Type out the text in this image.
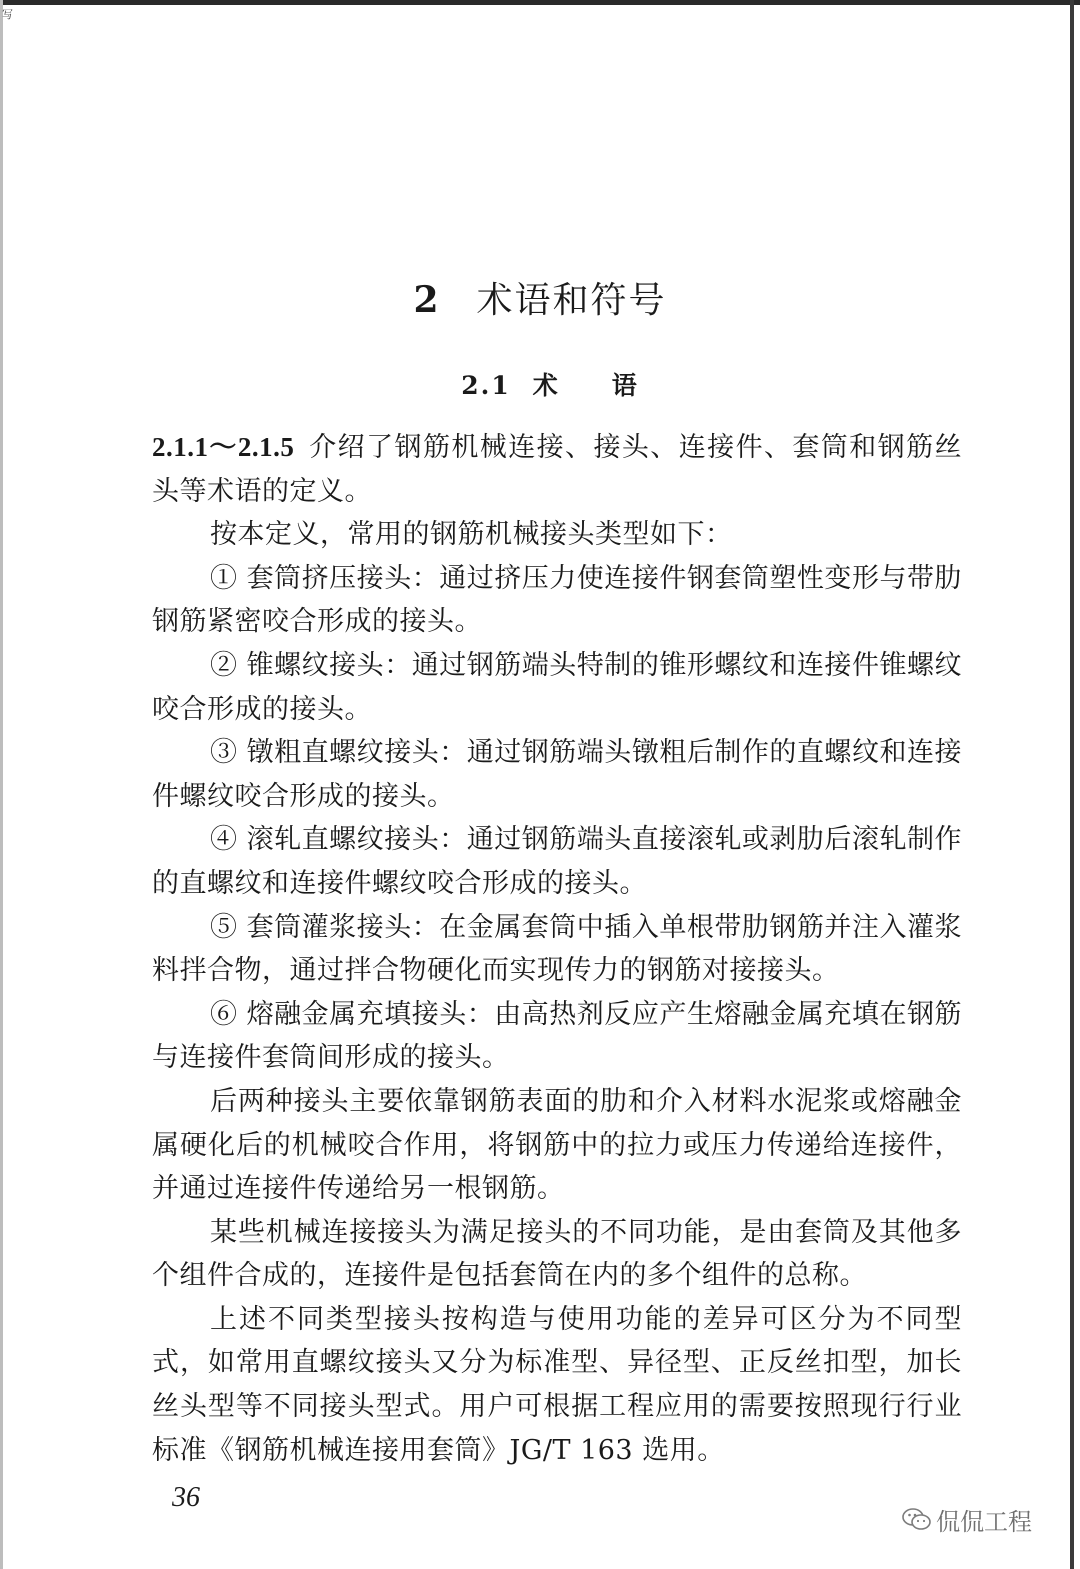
写
2 术语和符号
2.1 术 语

2.1.1～2.1.5 介绍了钢筋机械连接、接头、连接件、套筒和钢筋丝头等术语的定义。

按本定义，常用的钢筋机械接头类型如下：

① 套筒挤压接头：通过挤压力使连接件钢套筒塑性变形与带肋钢筋紧密咬合形成的接头。

② 锥螺纹接头：通过钢筋端头特制的锥形螺纹和连接件锥螺纹咬合形成的接头。

③ 镦粗直螺纹接头：通过钢筋端头镦粗后制作的直螺纹和连接件螺纹咬合形成的接头。

④ 滚轧直螺纹接头：通过钢筋端头直接滚轧或剥肋后滚轧制作的直螺纹和连接件螺纹咬合形成的接头。

⑤ 套筒灌浆接头：在金属套筒中插入单根带肋钢筋并注入灌浆料拌合物，通过拌合物硬化而实现传力的钢筋对接接头。

⑥ 熔融金属充填接头：由高热剂反应产生熔融金属充填在钢筋与连接件套筒间形成的接头。

后两种接头主要依靠钢筋表面的肋和介入材料水泥浆或熔融金属硬化后的机械咬合作用，将钢筋中的拉力或压力传递给连接件，并通过连接件传递给另一根钢筋。

某些机械连接接头为满足接头的不同功能，是由套筒及其他多个组件合成的，连接件是包括套筒在内的多个组件的总称。

上述不同类型接头按构造与使用功能的差异可区分为不同型式，如常用直螺纹接头又分为标准型、异径型、正反丝扣型，加长丝头型等不同接头型式。用户可根据工程应用的需要按照现行行业标准《钢筋机械连接用套筒》JG/T 163 选用。

36
侃侃工程
